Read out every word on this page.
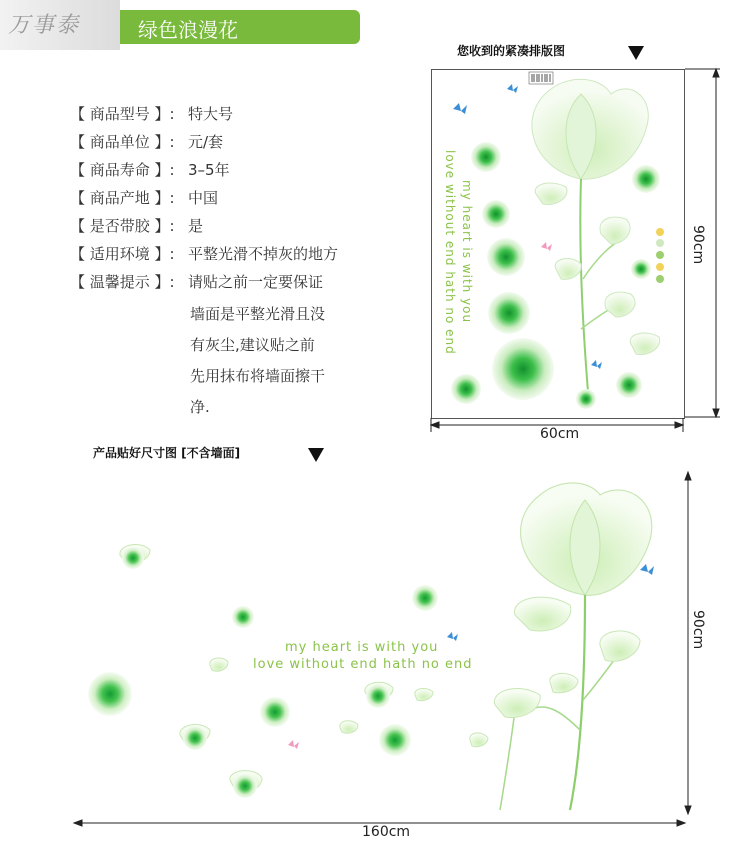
万事泰	绿色浪漫花
【 商品型号 】: 特大号
【 商品单位 】: 元/套
【 商品寿命 】: 3–5年
【 商品产地 】: 中国
【 是否带胶 】: 是
【 适用环境 】: 平整光滑不掉灰的地方
【 温馨提示 】: 请贴之前一定要保证
墙面是平整光滑且没
有灰尘,建议贴之前
先用抹布将墙面擦干
净.
您收到的紧凑排版图
love without end hath no end my heart is with you
60cm
90cm
产品贴好尺寸图 [不含墙面]
my heart is with you
love without end hath no end
160cm
90cm
